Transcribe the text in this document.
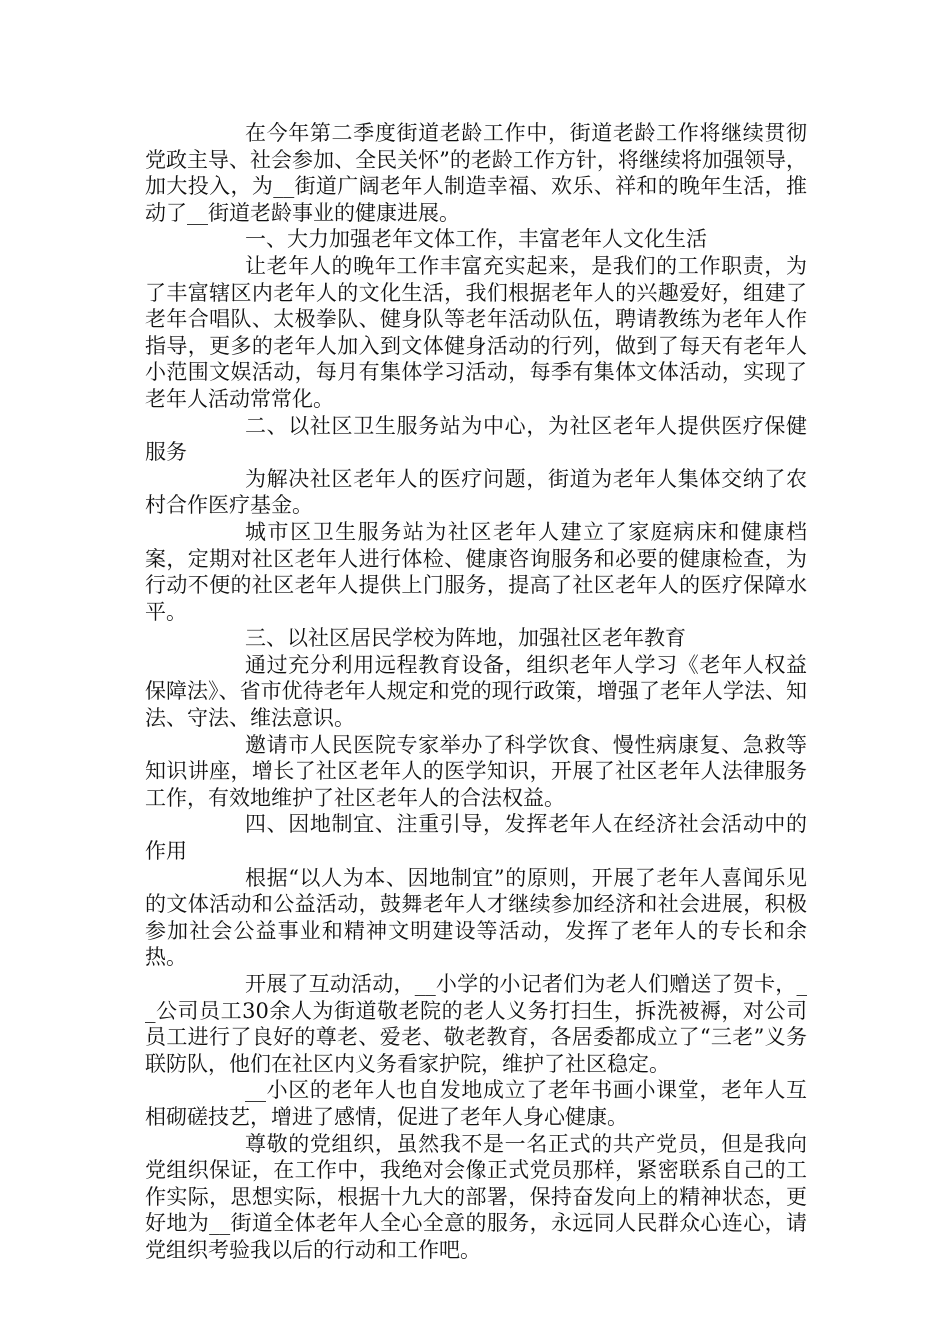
在今年第二季度街道老龄工作中，街道老龄工作将继续贯彻党政主导、社会参加、全民关怀”的老龄工作方针，将继续将加强领导，加大投入，为__街道广阔老年人制造幸福、欢乐、祥和的晚年生活，推动了__街道老龄事业的健康进展。

一、大力加强老年文体工作，丰富老年人文化生活

让老年人的晚年工作丰富充实起来，是我们的工作职责，为了丰富辖区内老年人的文化生活，我们根据老年人的兴趣爱好，组建了老年合唱队、太极拳队、健身队等老年活动队伍，聘请教练为老年人作指导，更多的老年人加入到文体健身活动的行列，做到了每天有老年人小范围文娱活动，每月有集体学习活动，每季有集体文体活动，实现了老年人活动常常化。

二、以社区卫生服务站为中心，为社区老年人提供医疗保健服务

为解决社区老年人的医疗问题，街道为老年人集体交纳了农村合作医疗基金。

城市区卫生服务站为社区老年人建立了家庭病床和健康档案，定期对社区老年人进行体检、健康咨询服务和必要的健康检查，为行动不便的社区老年人提供上门服务，提高了社区老年人的医疗保障水平。

三、以社区居民学校为阵地，加强社区老年教育

通过充分利用远程教育设备，组织老年人学习《老年人权益保障法》、省市优待老年人规定和党的现行政策，增强了老年人学法、知法、守法、维法意识。

邀请市人民医院专家举办了科学饮食、慢性病康复、急救等知识讲座，增长了社区老年人的医学知识，开展了社区老年人法律服务工作，有效地维护了社区老年人的合法权益。

四、因地制宜、注重引导，发挥老年人在经济社会活动中的作用

根据“以人为本、因地制宜”的原则，开展了老年人喜闻乐见的文体活动和公益活动，鼓舞老年人才继续参加经济和社会进展，积极参加社会公益事业和精神文明建设等活动，发挥了老年人的专长和余热。

开展了互动活动，__小学的小记者们为老人们赠送了贺卡，__公司员工30余人为街道敬老院的老人义务打扫生，拆洗被褥，对公司员工进行了良好的尊老、爱老、敬老教育，各居委都成立了“三老”义务联防队，他们在社区内义务看家护院，维护了社区稳定。

__小区的老年人也自发地成立了老年书画小课堂，老年人互相砌磋技艺，增进了感情，促进了老年人身心健康。

尊敬的党组织，虽然我不是一名正式的共产党员，但是我向党组织保证，在工作中，我绝对会像正式党员那样，紧密联系自己的工作实际，思想实际，根据十九大的部署，保持奋发向上的精神状态，更好地为__街道全体老年人全心全意的服务，永远同人民群众心连心，请党组织考验我以后的行动和工作吧。
